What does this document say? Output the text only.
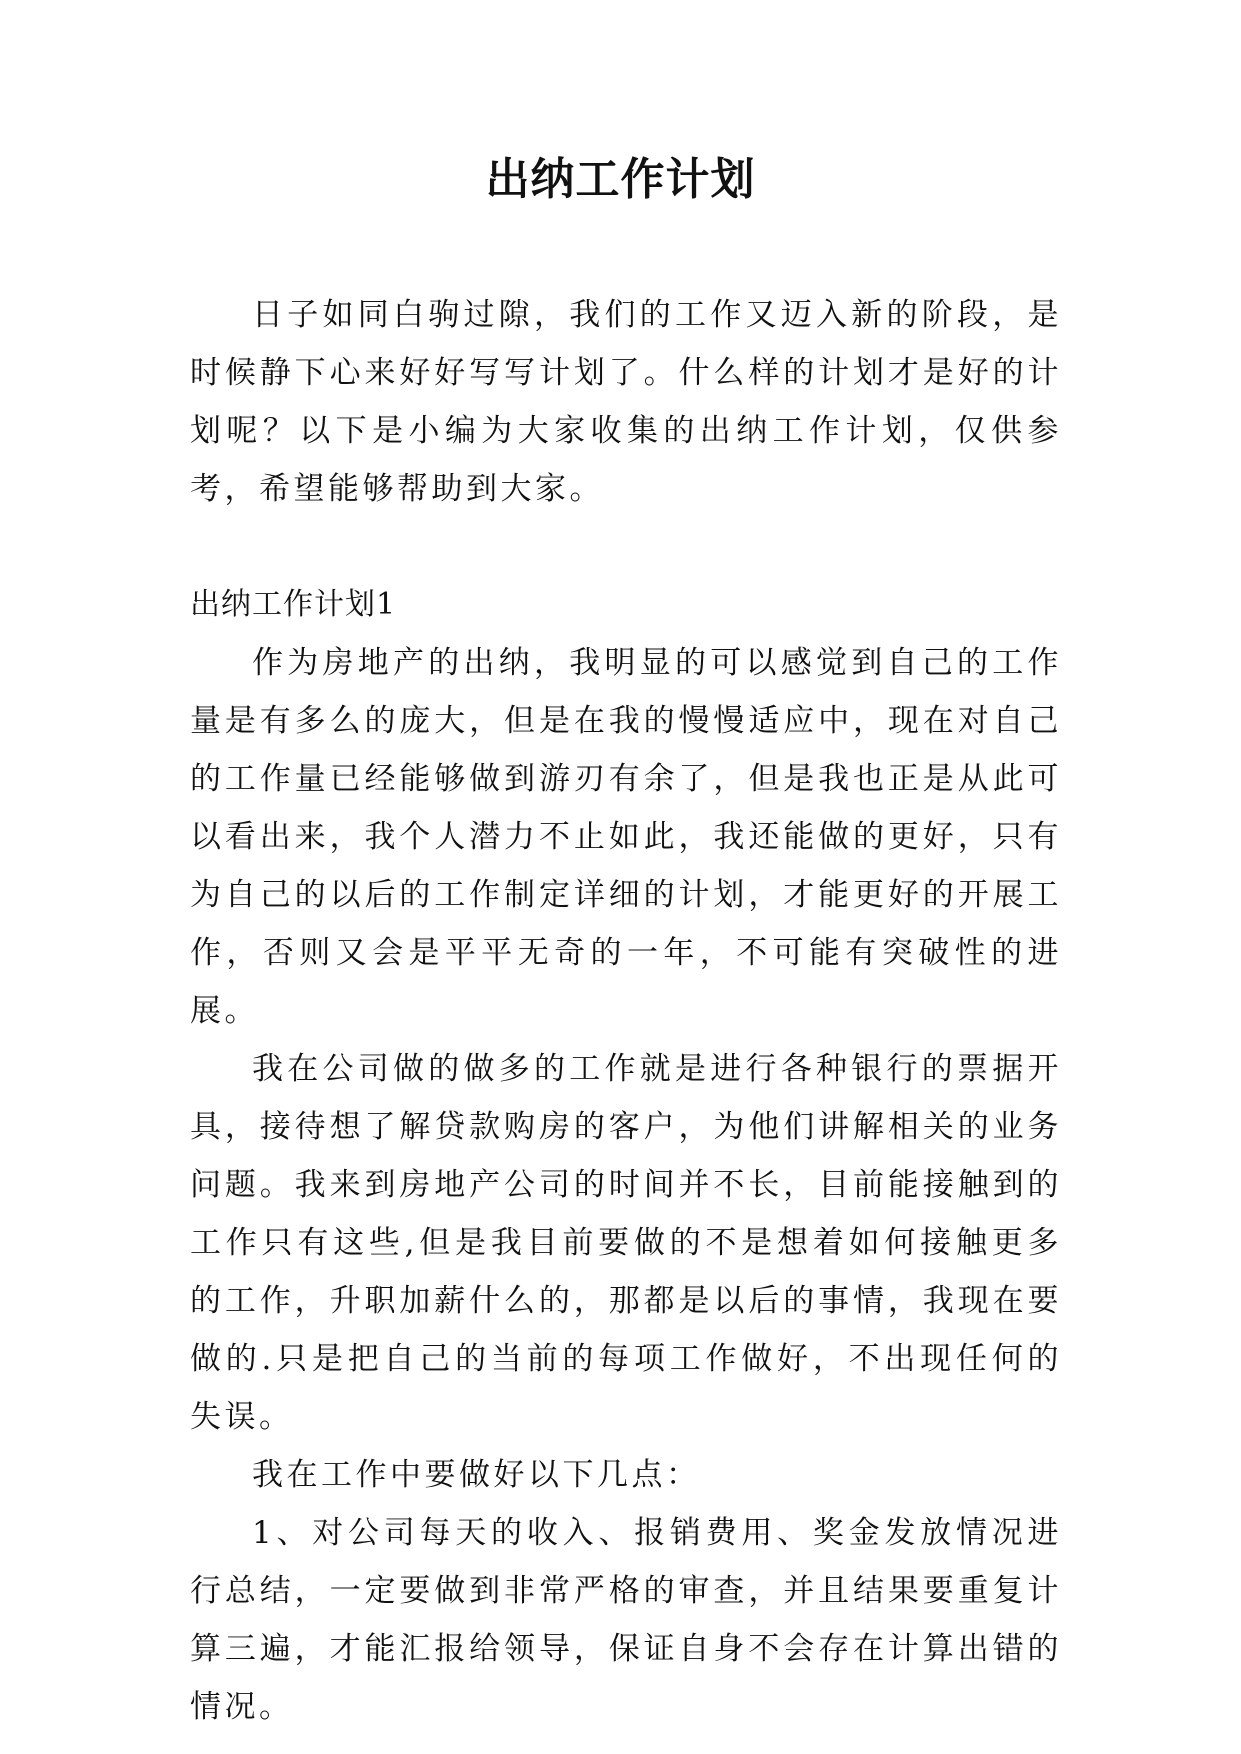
出纳工作计划

日子如同白驹过隙，我们的工作又迈入新的阶段，是时候静下心来好好写写计划了。什么样的计划才是好的计划呢？以下是小编为大家收集的出纳工作计划，仅供参考，希望能够帮助到大家。

出纳工作计划1

作为房地产的出纳，我明显的可以感觉到自己的工作量是有多么的庞大，但是在我的慢慢适应中，现在对自己的工作量已经能够做到游刃有余了，但是我也正是从此可以看出来，我个人潜力不止如此，我还能做的更好，只有为自己的以后的工作制定详细的计划，才能更好的开展工作，否则又会是平平无奇的一年，不可能有突破性的进展。

我在公司做的做多的工作就是进行各种银行的票据开具，接待想了解贷款购房的客户，为他们讲解相关的业务问题。我来到房地产公司的时间并不长，目前能接触到的工作只有这些,但是我目前要做的不是想着如何接触更多的工作，升职加薪什么的，那都是以后的事情，我现在要做的.只是把自己的当前的每项工作做好，不出现任何的失误。

我在工作中要做好以下几点：

1、对公司每天的收入、报销费用、奖金发放情况进行总结，一定要做到非常严格的审查，并且结果要重复计算三遍，才能汇报给领导，保证自身不会存在计算出错的情况。
